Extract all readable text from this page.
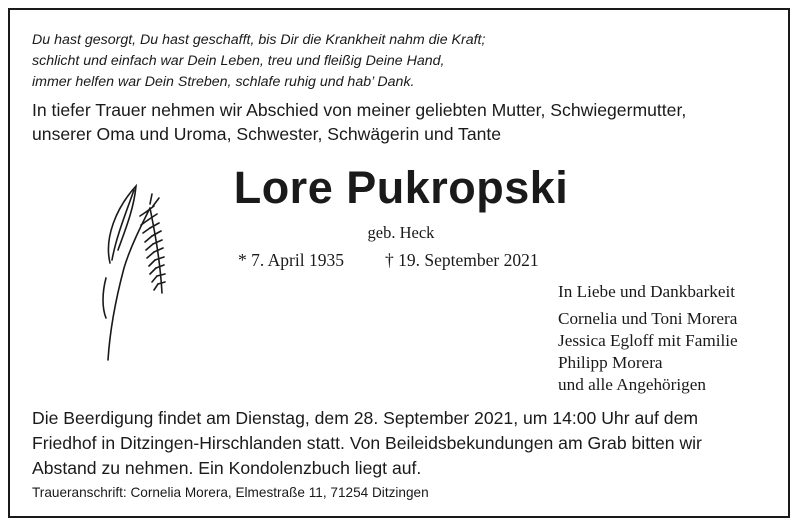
Du hast gesorgt, Du hast geschafft, bis Dir die Krankheit nahm die Kraft;
schlicht und einfach war Dein Leben, treu und fleißig Deine Hand,
immer helfen war Dein Streben, schlafe ruhig und hab’ Dank.
In tiefer Trauer nehmen wir Abschied von meiner geliebten Mutter, Schwiegermutter,
unserer Oma und Uroma, Schwester, Schwägerin und Tante
Lore Pukropski
geb. Heck
* 7. April 1935 † 19. September 2021
In Liebe und Dankbarkeit
Cornelia und Toni Morera
Jessica Egloff mit Familie
Philipp Morera
und alle Angehörigen
Die Beerdigung findet am Dienstag, dem 28. September 2021, um 14:00 Uhr auf dem
Friedhof in Ditzingen-Hirschlanden statt. Von Beileidsbekundungen am Grab bitten wir
Abstand zu nehmen. Ein Kondolenzbuch liegt auf.
Traueranschrift: Cornelia Morera, Elmestraße 11, 71254 Ditzingen
